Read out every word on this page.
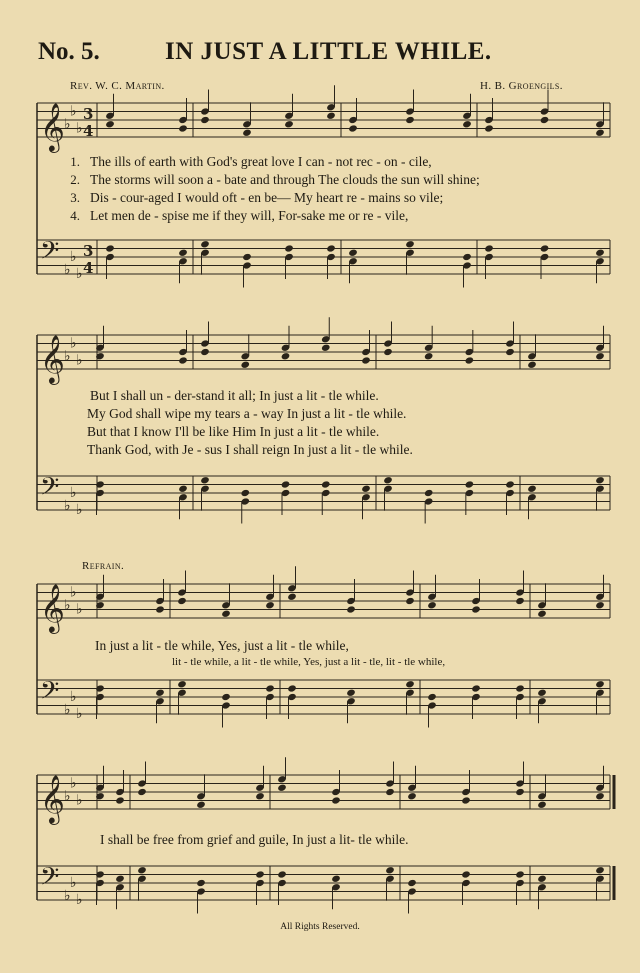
𝄞
𝄢
♭
♭
♭
♭
♭
♭
3
3
4
4
𝄞
𝄢
♭
♭
♭
♭
♭
♭
𝄞
𝄢
♭
♭
♭
♭
♭
♭
𝄞
𝄢
♭
♭
♭
♭
♭
♭
No. 5.	IN JUST A LITTLE WHILE.
Rev. W. C. Martin.	H. B. Groengils.
1. The ills of earth with God's great love I can - not rec - on - cile,
2. The storms will soon a - bate and through The clouds the sun will shine;
3. Dis - cour-aged I would oft - en be— My heart re - mains so vile;
4. Let men de - spise me if they will, For-sake me or re - vile,
But I shall un - der-stand it all; In just a lit - tle while.
My God shall wipe my tears a - way In just a lit - tle while.
But that I know I'll be like Him In just a lit - tle while.
Thank God, with Je - sus I shall reign In just a lit - tle while.
Refrain.
In just a lit - tle while, Yes, just a lit - tle while,
lit - tle while, a lit - tle while, Yes, just a lit - tle, lit - tle while,
I shall be free from grief and guile, In just a lit- tle while.
All Rights Reserved.
